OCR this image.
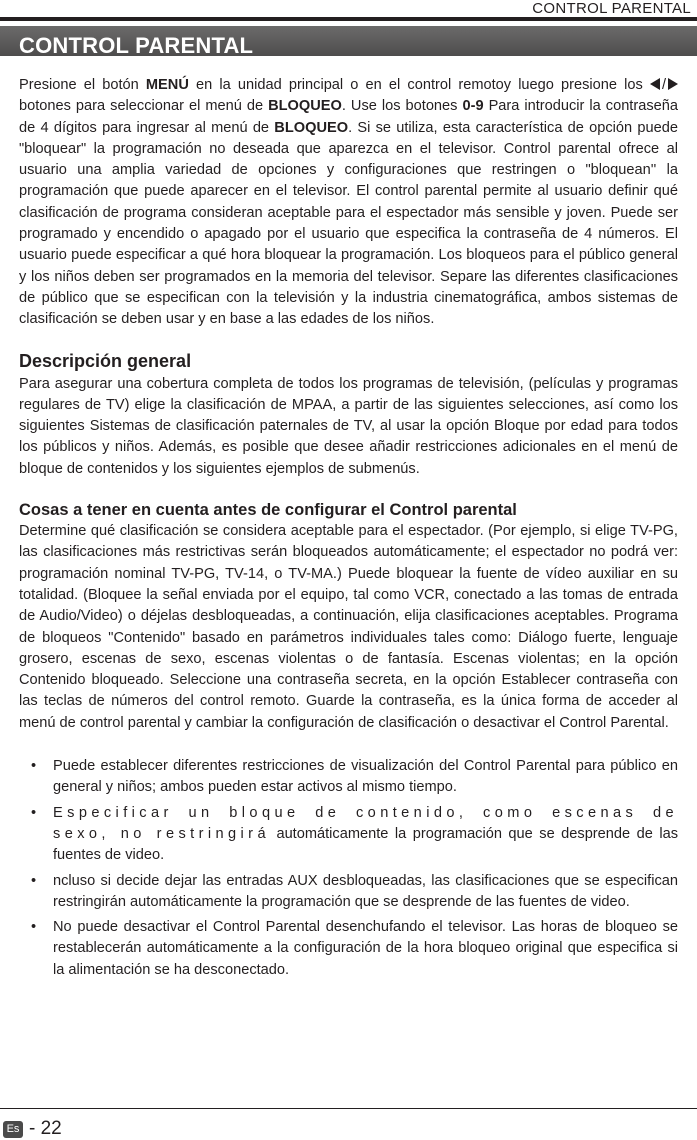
CONTROL PARENTAL
CONTROL PARENTAL

Presione el botón MENÚ en la unidad principal o en el control remotoy luego presione los / botones para seleccionar el menú de BLOQUEO. Use los botones 0-9 Para introducir la contraseña de 4 dígitos para ingresar al menú de BLOQUEO. Si se utiliza, esta característica de opción puede "bloquear" la programación no deseada que aparezca en el televisor. Control parental ofrece al usuario una amplia variedad de opciones y configuraciones que restringen o "bloquean'' la programación que puede aparecer en el televisor. El control parental permite al usuario definir qué clasificación de programa consideran aceptable para el espectador más sensible y joven. Puede ser programado y encendido o apagado por el usuario que especifica la contraseña de 4 números. El usuario puede especificar a qué hora bloquear la programación. Los bloqueos para el público general y los niños deben ser programados en la memoria del televisor. Separe las diferentes clasificaciones de público que se especifican con la televisión y la industria cinematográfica, ambos sistemas de clasificación se deben usar y en base a las edades de los niños.

Descripción general

Para asegurar una cobertura completa de todos los programas de televisión, (películas y programas regulares de TV) elige la clasificación de MPAA, a partir de las siguientes selecciones, así como los siguientes Sistemas de clasificación paternales de TV, al usar la opción Bloque por edad para todos los públicos y niños. Además, es posible que desee añadir restricciones adicionales en el menú de bloque de contenidos y los siguientes ejemplos de submenús.

Cosas a tener en cuenta antes de configurar el Control parental

Determine qué clasificación se considera aceptable para el espectador. (Por ejemplo, si elige TV-PG, las clasificaciones más restrictivas serán bloqueados automáticamente; el espectador no podrá ver: programación nominal TV-PG, TV-14, o TV-MA.) Puede bloquear la fuente de vídeo auxiliar en su totalidad. (Bloquee la señal enviada por el equipo, tal como VCR, conectado a las tomas de entrada de Audio/Video) o déjelas desbloqueadas, a continuación, elija clasificaciones aceptables. Programa de bloqueos "Contenido" basado en parámetros individuales tales como: Diálogo fuerte, lenguaje grosero, escenas de sexo, escenas violentas o de fantasía. Escenas violentas; en la opción Contenido bloqueado. Seleccione una contraseña secreta, en la opción Establecer contraseña con las teclas de números del control remoto. Guarde la contraseña, es la única forma de acceder al menú de control parental y cambiar la configuración de clasificación o desactivar el Control Parental.

• Puede establecer diferentes restricciones de visualización del Control Parental para público en general y niños; ambos pueden estar activos al mismo tiempo.
• Especificar un bloque de contenido, como escenas de sexo, no restringirá automáticamente la programación que se desprende de las fuentes de video.
• ncluso si decide dejar las entradas AUX desbloqueadas, las clasificaciones que se especifican restringirán automáticamente la programación que se desprende de las fuentes de video.
• No puede desactivar el Control Parental desenchufando el televisor. Las horas de bloqueo se restablecerán automáticamente a la configuración de la hora bloqueo original que especifica si la alimentación se ha desconectado.
Es - 22
